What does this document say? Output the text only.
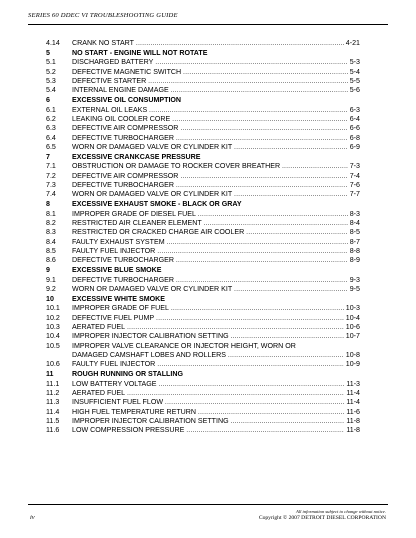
SERIES 60 DDEC VI TROUBLESHOOTING GUIDE
4.14	CRANK NO START .....	4-21
5	NO START - ENGINE WILL NOT ROTATE
5.1	DISCHARGED BATTERY .....	5-3
5.2	DEFECTIVE MAGNETIC SWITCH .....	5-4
5.3	DEFECTIVE STARTER .....	5-5
5.4	INTERNAL ENGINE DAMAGE .....	5-6
6	EXCESSIVE OIL CONSUMPTION
6.1	EXTERNAL OIL LEAKS .....	6-3
6.2	LEAKING OIL COOLER CORE .....	6-4
6.3	DEFECTIVE AIR COMPRESSOR .....	6-6
6.4	DEFECTIVE TURBOCHARGER .....	6-8
6.5	WORN OR DAMAGED VALVE OR CYLINDER KIT .....	6-9
7	EXCESSIVE CRANKCASE PRESSURE
7.1	OBSTRUCTION OR DAMAGE TO ROCKER COVER BREATHER .....	7-3
7.2	DEFECTIVE AIR COMPRESSOR .....	7-4
7.3	DEFECTIVE TURBOCHARGER .....	7-6
7.4	WORN OR DAMAGED VALVE OR CYLINDER KIT .....	7-7
8	EXCESSIVE EXHAUST SMOKE - BLACK OR GRAY
8.1	IMPROPER GRADE OF DIESEL FUEL .....	8-3
8.2	RESTRICTED AIR CLEANER ELEMENT .....	8-4
8.3	RESTRICTED OR CRACKED CHARGE AIR COOLER .....	8-5
8.4	FAULTY EXHAUST SYSTEM .....	8-7
8.5	FAULTY FUEL INJECTOR .....	8-8
8.6	DEFECTIVE TURBOCHARGER .....	8-9
9	EXCESSIVE BLUE SMOKE
9.1	DEFECTIVE TURBOCHARGER .....	9-3
9.2	WORN OR DAMAGED VALVE OR CYLINDER KIT .....	9-5
10	EXCESSIVE WHITE SMOKE
10.1	IMPROPER GRADE OF FUEL .....	10-3
10.2	DEFECTIVE FUEL PUMP .....	10-4
10.3	AERATED FUEL .....	10-6
10.4	IMPROPER INJECTOR CALIBRATION SETTING .....	10-7
10.5	IMPROPER VALVE CLEARANCE OR INJECTOR HEIGHT, WORN OR
DAMAGED CAMSHAFT LOBES AND ROLLERS .....	10-8
10.6	FAULTY FUEL INJECTOR .....	10-9
11	ROUGH RUNNING OR STALLING
11.1	LOW BATTERY VOLTAGE .....	11-3
11.2	AERATED FUEL .....	11-4
11.3	INSUFFICIENT FUEL FLOW .....	11-4
11.4	HIGH FUEL TEMPERATURE RETURN .....	11-6
11.5	IMPROPER INJECTOR CALIBRATION SETTING .....	11-8
11.6	LOW COMPRESSION PRESSURE .....	11-8
iv
All information subject to change without notice.
Copyright © 2007 DETROIT DIESEL CORPORATION
